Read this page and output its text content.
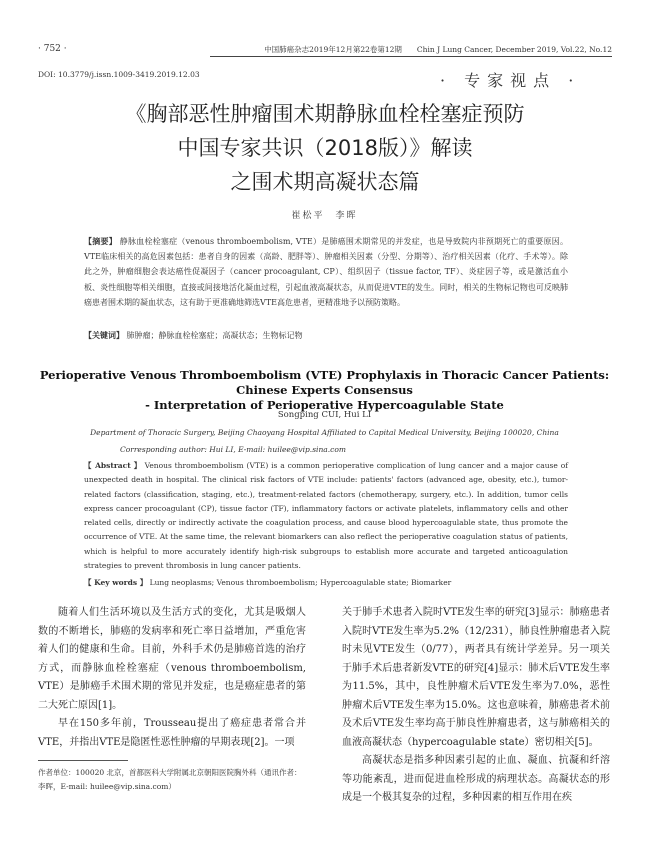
· 752 ·	中国肺癌杂志2019年12月第22卷第12期　　Chin J Lung Cancer, December 2019, Vol.22, No.12
DOI: 10.3779/j.issn.1009-3419.2019.12.03	· 专家视点 ·
《胸部恶性肿瘤围术期静脉血栓栓塞症预防
中国专家共识（2018版）》解读
之围术期高凝状态篇
崔松平　李晖
【摘要】 静脉血栓栓塞症（venous thromboembolism, VTE）是肺癌围术期常见的并发症，也是导致院内非预期死亡的重要原因。VTE临床相关的高危因素包括：患者自身的因素（高龄、肥胖等）、肿瘤相关因素（分型、分期等）、治疗相关因素（化疗、手术等）。除此之外，肿瘤细胞会表达癌性促凝因子（cancer procoagulant, CP）、组织因子（tissue factor, TF）、炎症因子等，或是激活血小板、炎性细胞等相关细胞，直接或间接地活化凝血过程，引起血液高凝状态，从而促进VTE的发生。同时，相关的生物标记物也可反映肺癌患者围术期的凝血状态，这有助于更准确地筛选VTE高危患者，更精准地予以预防策略。
【关键词】 肺肿瘤；静脉血栓栓塞症；高凝状态；生物标记物
Perioperative Venous Thromboembolism (VTE) Prophylaxis in Thoracic Cancer Patients:
Chinese Experts Consensus
- Interpretation of Perioperative Hypercoagulable State
Songping CUI, Hui LI
Department of Thoracic Surgery, Beijing Chaoyang Hospital Affiliated to Capital Medical University, Beijing 100020, China
Corresponding author: Hui LI, E-mail: huilee@vip.sina.com
【 Abstract 】 Venous thromboembolism (VTE) is a common perioperative complication of lung cancer and a major cause of unexpected death in hospital. The clinical risk factors of VTE include: patients' factors (advanced age, obesity, etc.), tumor-related factors (classification, staging, etc.), treatment-related factors (chemotherapy, surgery, etc.). In addition, tumor cells express cancer procoagulant (CP), tissue factor (TF), inflammatory factors or activate platelets, inflammatory cells and other related cells, directly or indirectly activate the coagulation process, and cause blood hypercoagulable state, thus promote the occurrence of VTE. At the same time, the relevant biomarkers can also reflect the perioperative coagulation status of patients, which is helpful to more accurately identify high-risk subgroups to establish more accurate and targeted anticoagulation strategies to prevent thrombosis in lung cancer patients.
【 Key words 】 Lung neoplasms; Venous thromboembolism; Hypercoagulable state; Biomarker

随着人们生活环境以及生活方式的变化，尤其是吸烟人数的不断增长，肺癌的发病率和死亡率日益增加，严重危害着人们的健康和生命。目前，外科手术仍是肺癌首选的治疗方式，而静脉血栓栓塞症（venous thromboembolism, VTE）是肺癌手术围术期的常见并发症，也是癌症患者的第二大死亡原因[1]。

早在150多年前，Trousseau提出了癌症患者常合并VTE，并指出VTE是隐匿性恶性肿瘤的早期表现[2]。一项

关于肺手术患者入院时VTE发生率的研究[3]显示：肺癌患者入院时VTE发生率为5.2%（12/231），肺良性肿瘤患者入院时未见VTE发生（0/77），两者具有统计学差异。另一项关于肺手术后患者新发VTE的研究[4]显示：肺术后VTE发生率为11.5%，其中，良性肿瘤术后VTE发生率为7.0%，恶性肿瘤术后VTE发生率为15.0%。这也意味着，肺癌患者术前及术后VTE发生率均高于肺良性肿瘤患者，这与肺癌相关的血液高凝状态（hypercoagulable state）密切相关[5]。

高凝状态是指多种因素引起的止血、凝血、抗凝和纤溶等功能紊乱，进而促进血栓形成的病理状态。高凝状态的形成是一个极其复杂的过程，多种因素的相互作用在疾

作者单位：100020 北京，首都医科大学附属北京朝阳医院胸外科（通讯作者：李晖，E-mail: huilee@vip.sina.com）
